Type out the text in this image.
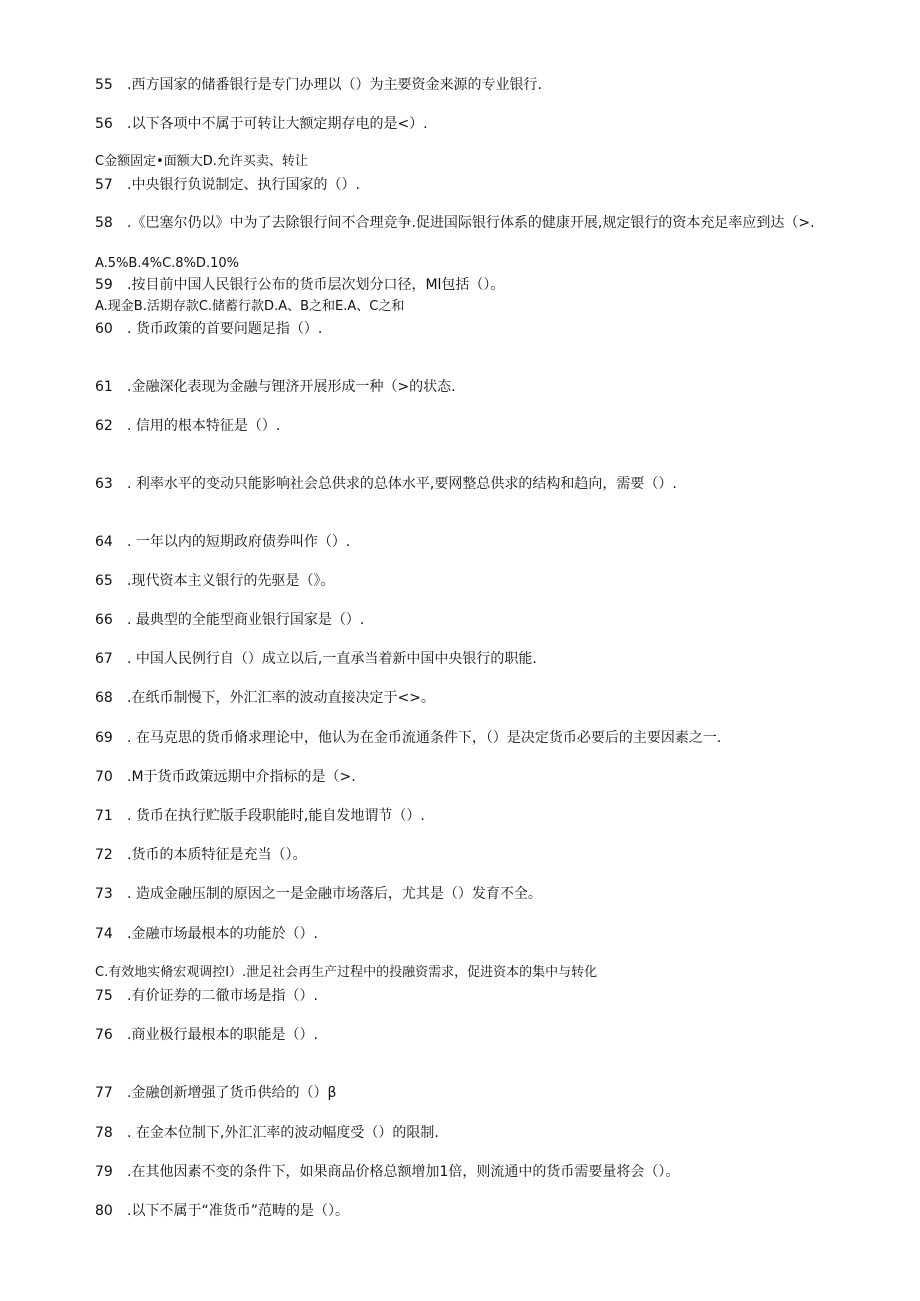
55 .西方国家的储番银行是专门办理以（）为主要资金来源的专业银行.
56 .以下各项中不属于可转让大额定期存电的是<）.
C金额固定•面额大D.允许买卖、转让
57 .中央银行负说制定、执行国家的（）.
58 .《巴塞尔仍以》中为了去除银行间不合理竞争.促进国际银行体系的健康开展,规定银行的资本充足率应到达（>.
A.5%B.4%C.8%D.10%
59 .按目前中国人民银行公布的货币层次划分口径，Ml包括（）。
A.现金B.活期存款C.储蓄行款D.A、B之和E.A、C之和
60 . 货币政策的首要问题足指（）.
61 .金融深化表现为金融与锂济开展形成一种（>的状态.
62 . 信用的根本特征是（）.
63 . 利率水平的变动只能影响社会总供求的总体水平,要网整总供求的结构和趋向，需要（）.
64 . 一年以内的短期政府债券叫作（）.
65 .现代资本主义银行的先驱是（》。
66 . 最典型的全能型商业银行国家是（）.
67 . 中国人民例行自（）成立以后,一直承当着新中国中央银行的职能.
68 .在纸币制慢下，外汇汇率的波动直接决定于<>。
69 . 在马克思的货币脩求理论中，他认为在金币流通条件下，（）是决定货币必要后的主要因素之一.
70 .M于货币政策远期中介指标的是（>.
71 . 货币在执行贮版手段职能时,能自发地谓节（）.
72 .货币的本质特征是充当（）。
73 . 造成金融压制的原因之一是金融市场落后，尤其是（）发育不全。
74 .金融市场最根本的功能於（）.
C.有效地实脩宏观调控I）.泄足社会再生产过程中的投融资需求，促进资本的集中与转化
75 .有价证券的二徹市场是指（）.
76 .商业极行最根本的职能是（）.
77 .金融创新增强了货币供给的（）β
78 . 在金本位制下,外汇汇率的波动幅度受（）的限制.
79 .在其他因素不变的条件下，如果商品价格总额增加1倍，则流通中的货币需要量将会（）。
80 .以下不属于“准货币”范畴的是（）。
